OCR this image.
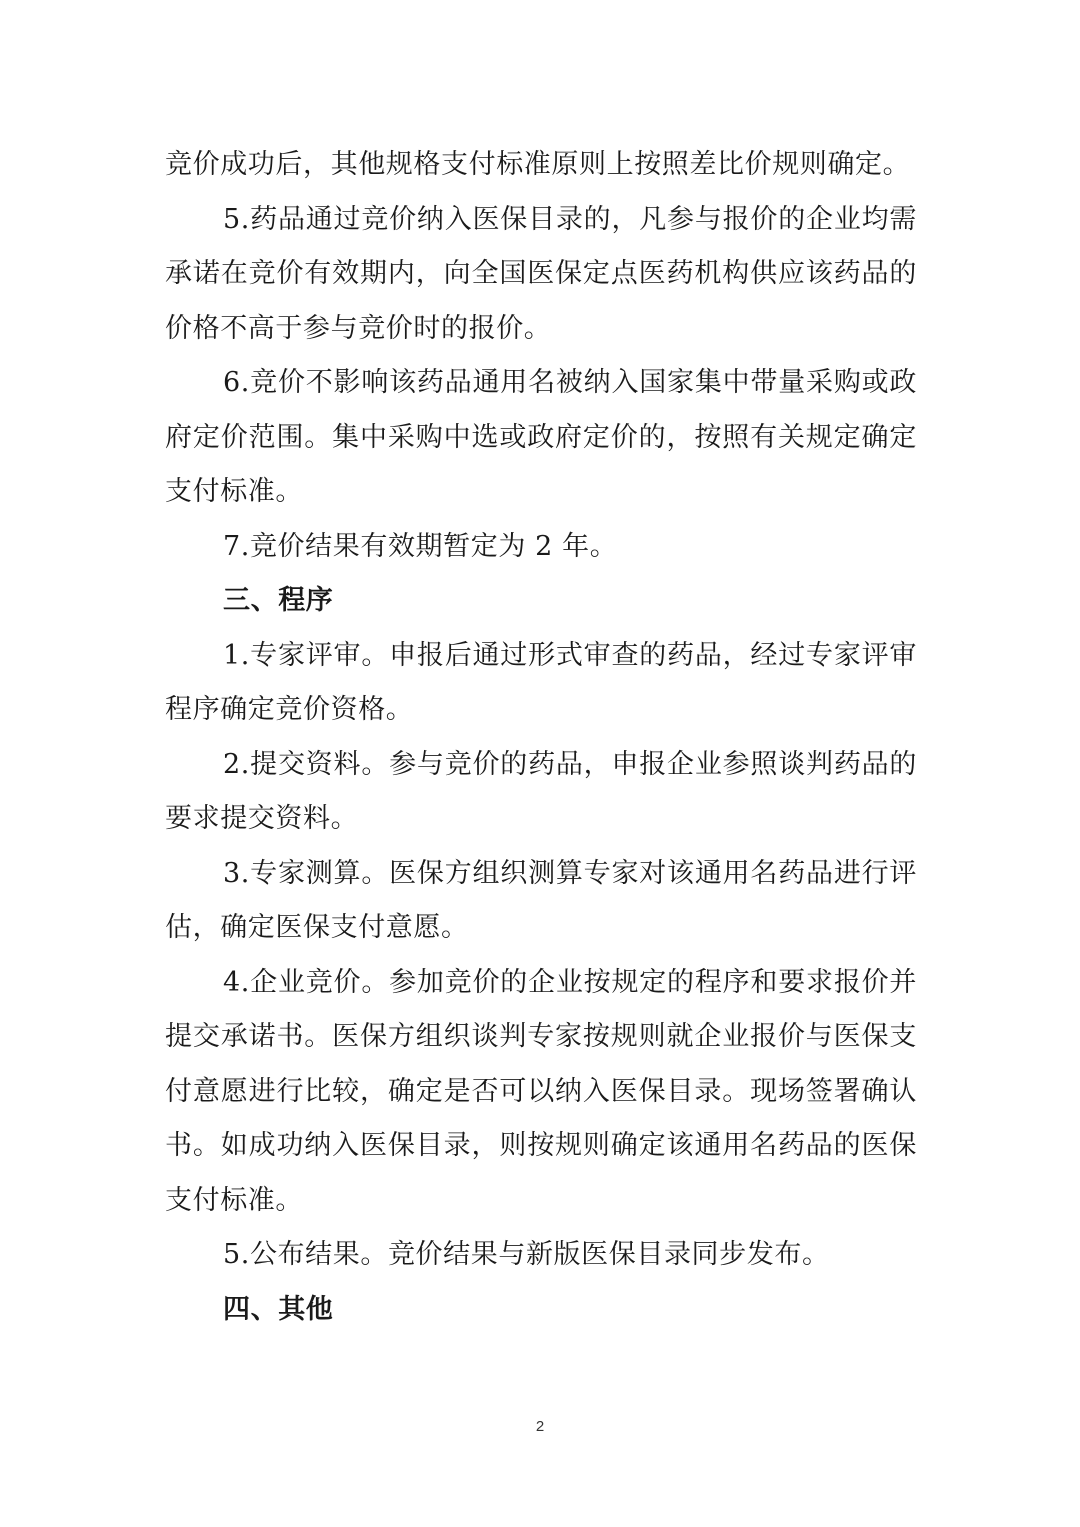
竞价成功后，其他规格支付标准原则上按照差比价规则确定。

5.药品通过竞价纳入医保目录的，凡参与报价的企业均需承诺在竞价有效期内，向全国医保定点医药机构供应该药品的价格不高于参与竞价时的报价。

6.竞价不影响该药品通用名被纳入国家集中带量采购或政府定价范围。集中采购中选或政府定价的，按照有关规定确定支付标准。

7.竞价结果有效期暂定为 2 年。

三、程序

1.专家评审。申报后通过形式审查的药品，经过专家评审程序确定竞价资格。

2.提交资料。参与竞价的药品，申报企业参照谈判药品的要求提交资料。

3.专家测算。医保方组织测算专家对该通用名药品进行评估，确定医保支付意愿。

4.企业竞价。参加竞价的企业按规定的程序和要求报价并提交承诺书。医保方组织谈判专家按规则就企业报价与医保支付意愿进行比较，确定是否可以纳入医保目录。现场签署确认书。如成功纳入医保目录，则按规则确定该通用名药品的医保支付标准。

5.公布结果。竞价结果与新版医保目录同步发布。

四、其他

2
